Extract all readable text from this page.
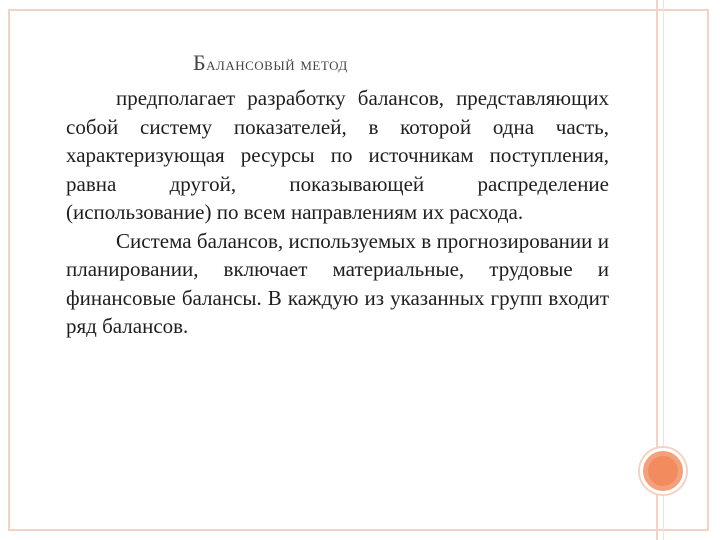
Балансовый метод

предполагает разработку балансов, представляющих собой систему показателей, в которой одна часть, характеризующая ресурсы по источникам поступления, равна другой, показывающей распределение (использование) по всем направлениям их расхода.

Система балансов, используемых в прогнозировании и планировании, включает материальные, трудовые и финансовые балансы. В каждую из указанных групп входит ряд балансов.
